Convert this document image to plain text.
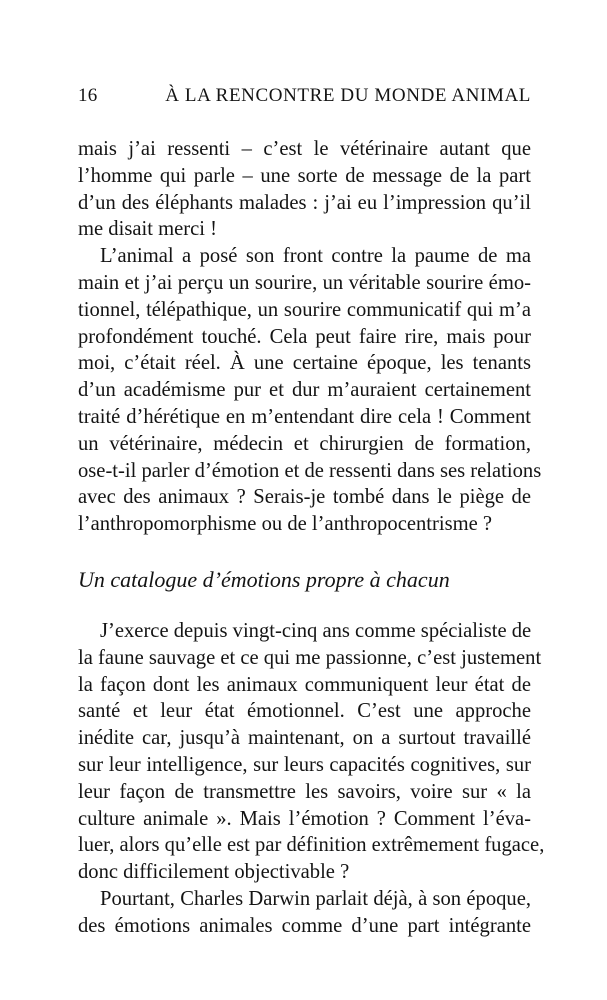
16	À LA RENCONTRE DU MONDE ANIMAL

mais j’ai ressenti – c’est le vétérinaire autant que
l’homme qui parle – une sorte de message de la part
d’un des éléphants malades : j’ai eu l’impression qu’il
me disait merci !

L’animal a posé son front contre la paume de ma
main et j’ai perçu un sourire, un véritable sourire émo-
tionnel, télépathique, un sourire communicatif qui m’a
profondément touché. Cela peut faire rire, mais pour
moi, c’était réel. À une certaine époque, les tenants
d’un académisme pur et dur m’auraient certainement
traité d’hérétique en m’entendant dire cela ! Comment
un vétérinaire, médecin et chirurgien de formation,
ose-t-il parler d’émotion et de ressenti dans ses relations
avec des animaux ? Serais-je tombé dans le piège de
l’anthropomorphisme ou de l’anthropocentrisme ?

Un catalogue d’émotions propre à chacun

J’exerce depuis vingt-cinq ans comme spécialiste de
la faune sauvage et ce qui me passionne, c’est justement
la façon dont les animaux communiquent leur état de
santé et leur état émotionnel. C’est une approche
inédite car, jusqu’à maintenant, on a surtout travaillé
sur leur intelligence, sur leurs capacités cognitives, sur
leur façon de transmettre les savoirs, voire sur « la
culture animale ». Mais l’émotion ? Comment l’éva-
luer, alors qu’elle est par définition extrêmement fugace,
donc difficilement objectivable ?

Pourtant, Charles Darwin parlait déjà, à son époque,
des émotions animales comme d’une part intégrante
